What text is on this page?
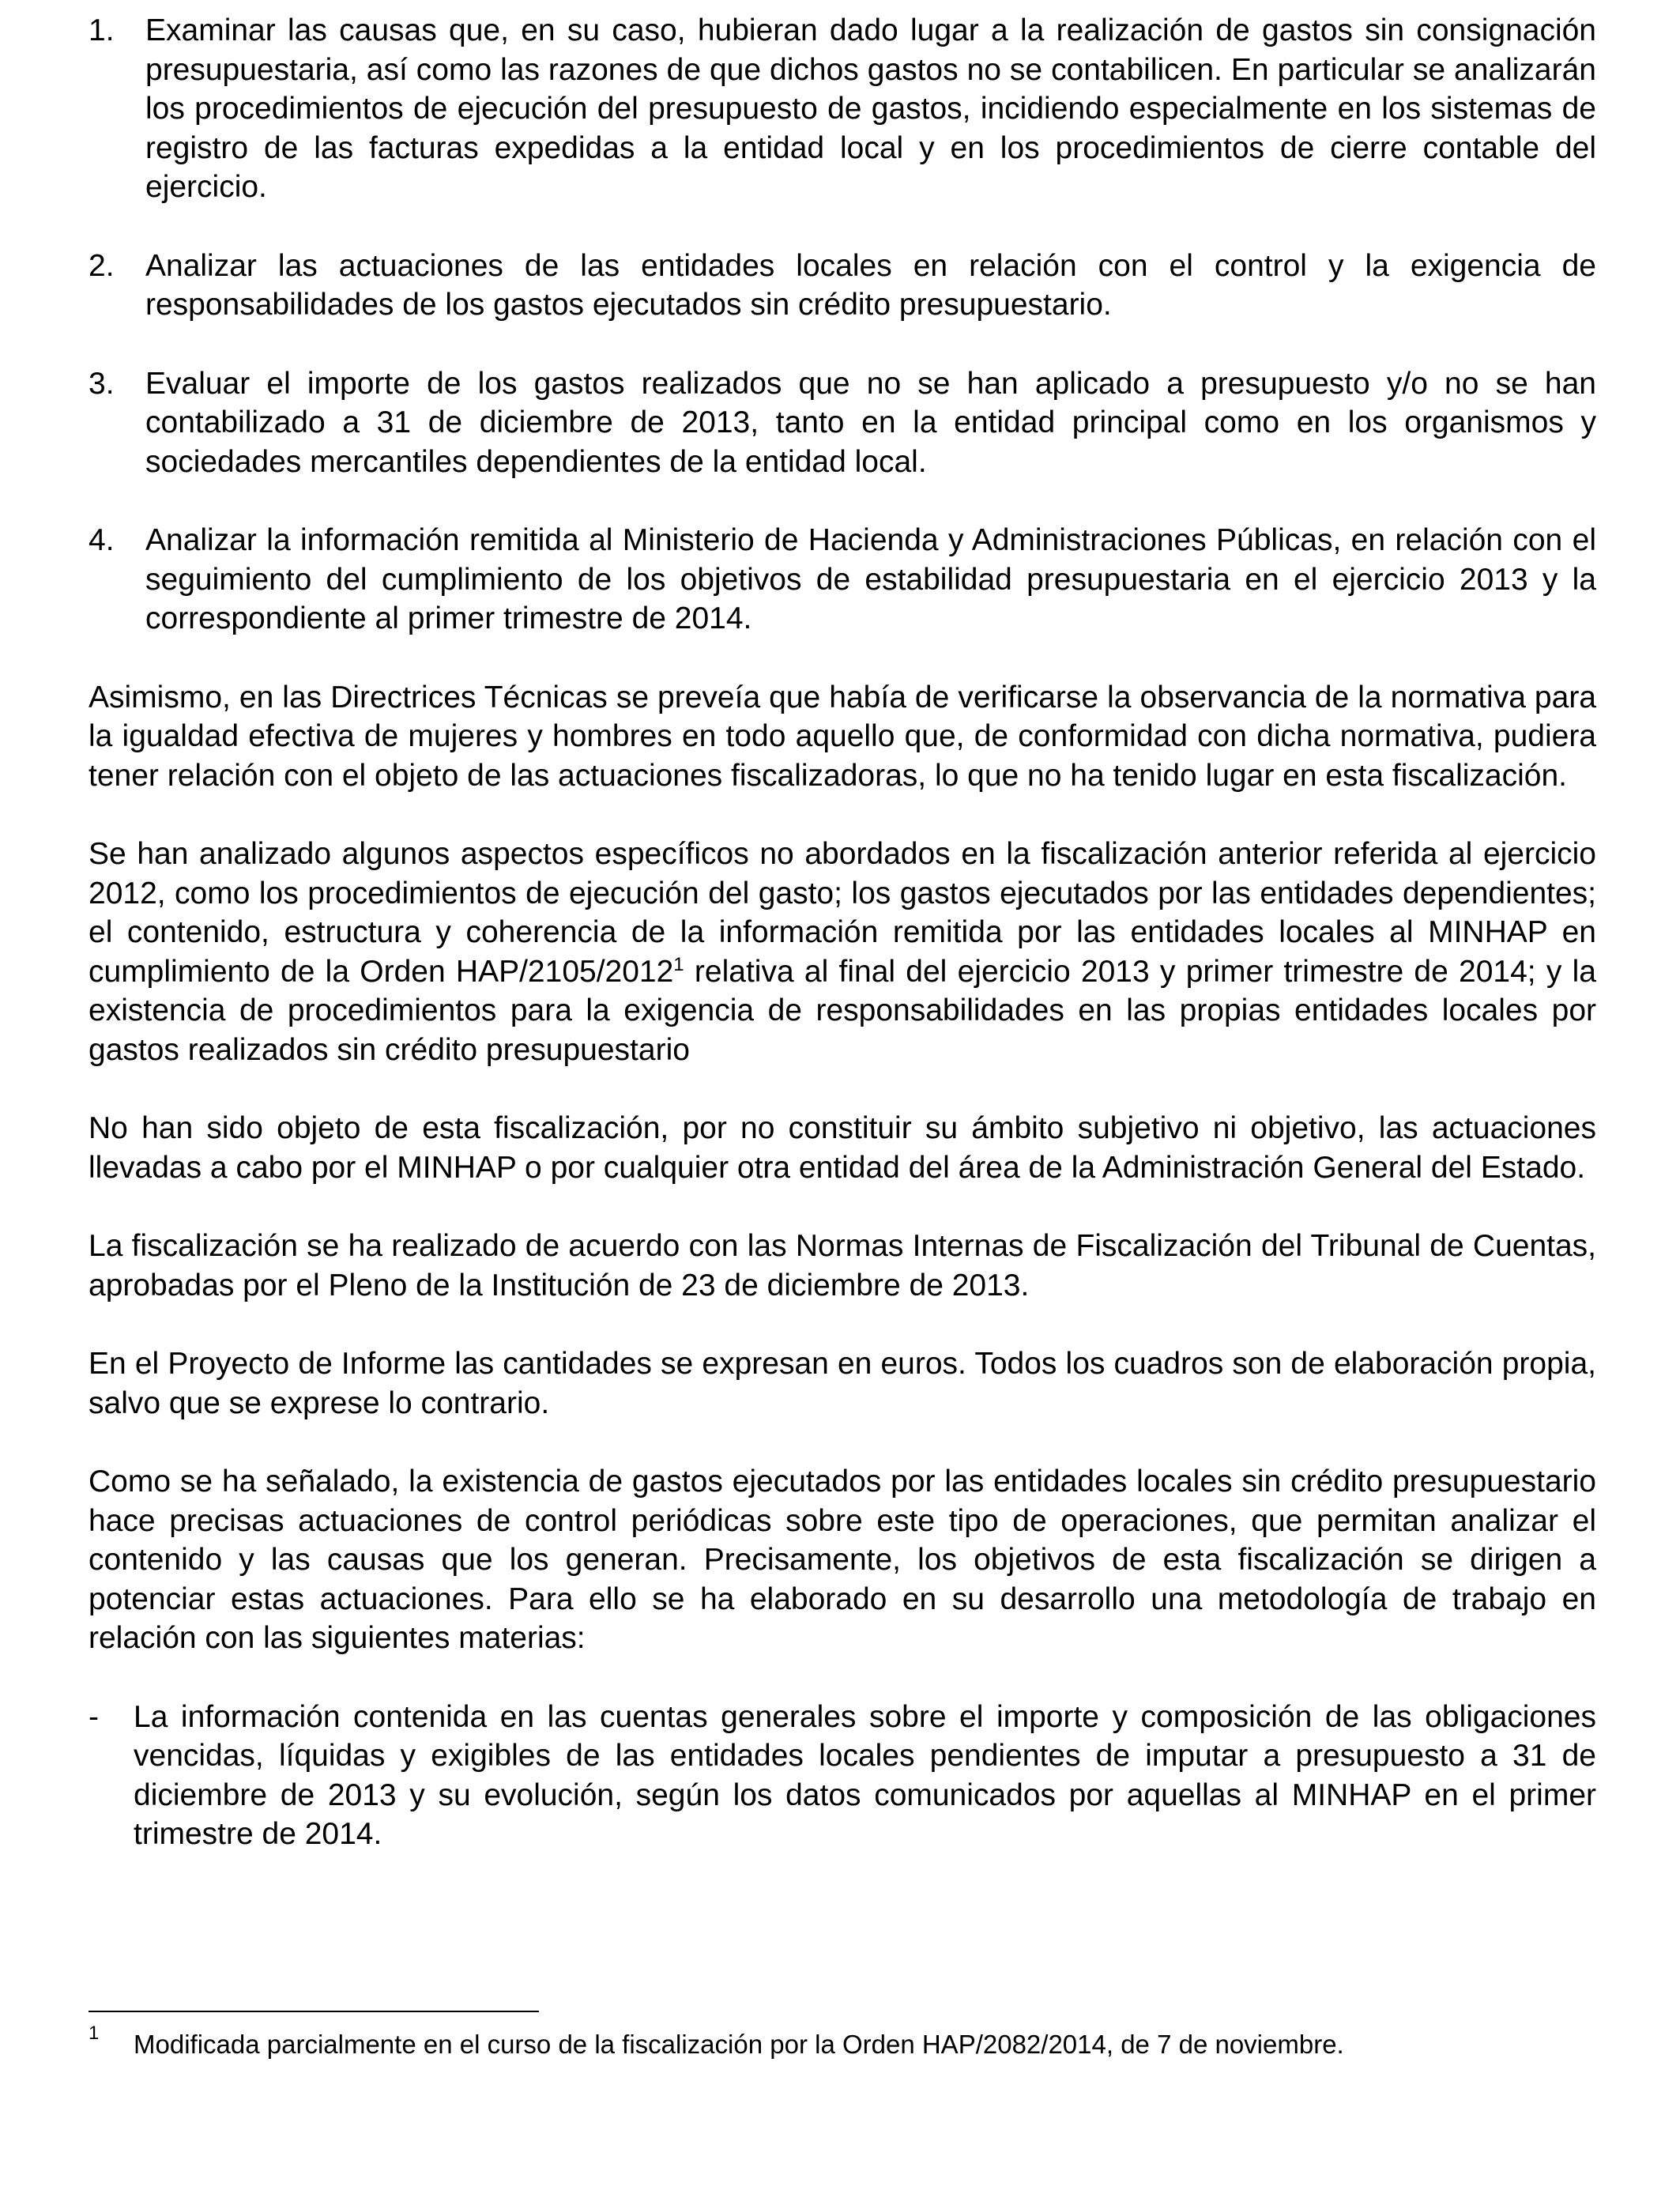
1. Examinar las causas que, en su caso, hubieran dado lugar a la realización de gastos sin consignación presupuestaria, así como las razones de que dichos gastos no se contabilicen. En particular se analizarán los procedimientos de ejecución del presupuesto de gastos, incidiendo especialmente en los sistemas de registro de las facturas expedidas a la entidad local y en los procedimientos de cierre contable del ejercicio.
2. Analizar las actuaciones de las entidades locales en relación con el control y la exigencia de responsabilidades de los gastos ejecutados sin crédito presupuestario.
3. Evaluar el importe de los gastos realizados que no se han aplicado a presupuesto y/o no se han contabilizado a 31 de diciembre de 2013, tanto en la entidad principal como en los organismos y sociedades mercantiles dependientes de la entidad local.
4. Analizar la información remitida al Ministerio de Hacienda y Administraciones Públicas, en relación con el seguimiento del cumplimiento de los objetivos de estabilidad presupuestaria en el ejercicio 2013 y la correspondiente al primer trimestre de 2014.

Asimismo, en las Directrices Técnicas se preveía que había de verificarse la observancia de la normativa para la igualdad efectiva de mujeres y hombres en todo aquello que, de conformidad con dicha normativa, pudiera tener relación con el objeto de las actuaciones fiscalizadoras, lo que no ha tenido lugar en esta fiscalización.

Se han analizado algunos aspectos específicos no abordados en la fiscalización anterior referida al ejercicio 2012, como los procedimientos de ejecución del gasto; los gastos ejecutados por las entidades dependientes; el contenido, estructura y coherencia de la información remitida por las entidades locales al MINHAP en cumplimiento de la Orden HAP/2105/2012$^1$ relativa al final del ejercicio 2013 y primer trimestre de 2014; y la existencia de procedimientos para la exigencia de responsabilidades en las propias entidades locales por gastos realizados sin crédito presupuestario

No han sido objeto de esta fiscalización, por no constituir su ámbito subjetivo ni objetivo, las actuaciones llevadas a cabo por el MINHAP o por cualquier otra entidad del área de la Administración General del Estado.

La fiscalización se ha realizado de acuerdo con las Normas Internas de Fiscalización del Tribunal de Cuentas, aprobadas por el Pleno de la Institución de 23 de diciembre de 2013.

En el Proyecto de Informe las cantidades se expresan en euros. Todos los cuadros son de elaboración propia, salvo que se exprese lo contrario.

Como se ha señalado, la existencia de gastos ejecutados por las entidades locales sin crédito presupuestario hace precisas actuaciones de control periódicas sobre este tipo de operaciones, que permitan analizar el contenido y las causas que los generan. Precisamente, los objetivos de esta fiscalización se dirigen a potenciar estas actuaciones. Para ello se ha elaborado en su desarrollo una metodología de trabajo en relación con las siguientes materias:

- La información contenida en las cuentas generales sobre el importe y composición de las obligaciones vencidas, líquidas y exigibles de las entidades locales pendientes de imputar a presupuesto a 31 de diciembre de 2013 y su evolución, según los datos comunicados por aquellas al MINHAP en el primer trimestre de 2014.
1 Modificada parcialmente en el curso de la fiscalización por la Orden HAP/2082/2014, de 7 de noviembre.
